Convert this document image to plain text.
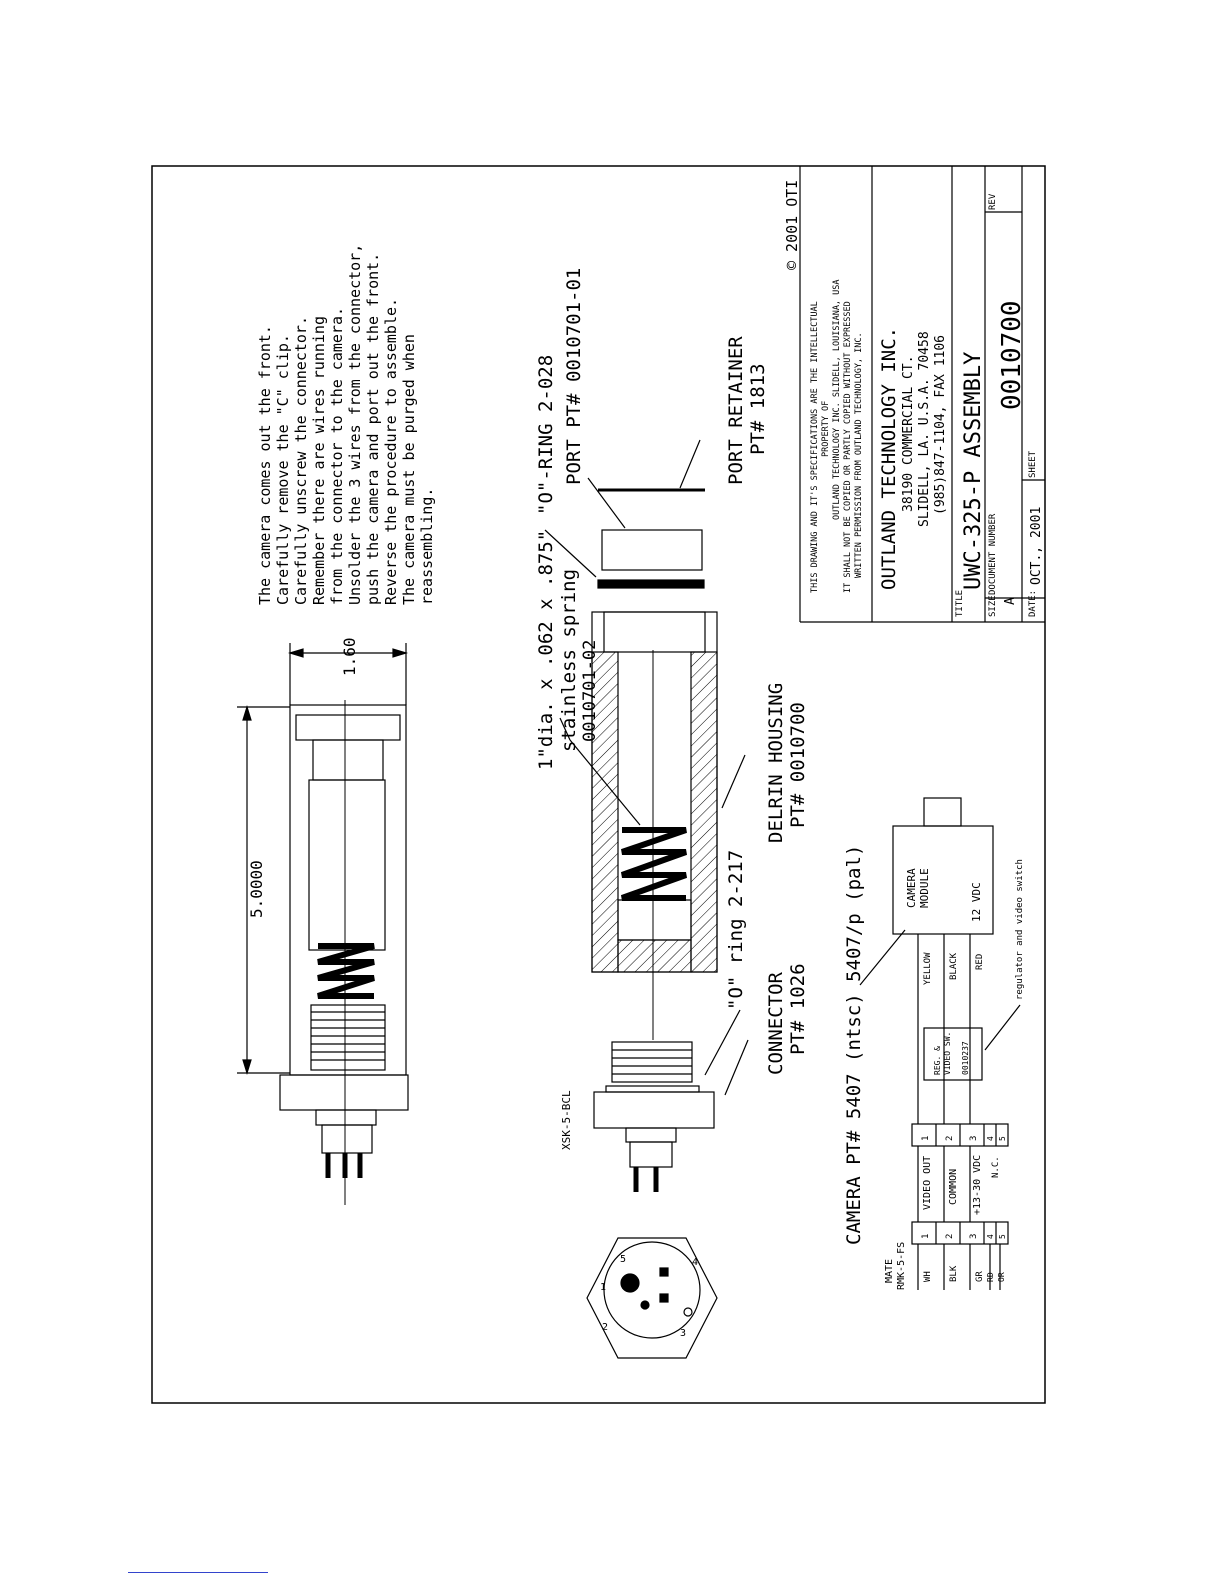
The camera comes out the front. Carefully remove the "C" clip. Carefully unscrew the connector. Remember there are wires running from the connector to the camera. Unsolder the 3 wires from the connector, push the camera and port out the front. Reverse the procedure to assemble. The camera must be purged when reassembling.
5.0000
1.60	1"dia. x .062 x .875" stainless spring 0010701-02
"O"-RING 2-028 PORT PT# 0010701-01	PORT RETAINER PT# 1813
DELRIN HOUSING PT# 0010700
"O" ring 2-217
CONNECTOR PT# 1026
XSK-5-BCL
5	4
1
2
3
CAMERA PT# 5407 (ntsc) 5407/p (pal)	CAMERA MODULE	12 VDC	regulator and video switch
REG. & VIDEO SW. 0010237
YELLOW BLACK RED
VIDEO OUT COMMON +13-30 VDC N.C.
1 2 3 4 5
1 2 3 4 5
MATE RMK-5-FS WH BLK GR RD OR
© 2001 OTI
THIS DRAWING AND IT'S SPECIFICATIONS ARE THE INTELLECTUAL PROPERTY OF OUTLAND TECHNOLOGY INC. SLIDELL, LOUISIANA, USA IT SHALL NOT BE COPIED OR PARTLY COPIED WITHOUT EXPRESSED WRITTEN PERMISSION FROM OUTLAND TECHNOLOGY, INC. OUTLAND TECHNOLOGY INC. 38190 COMMERCIAL CT. SLIDELL, LA. U.S.A. 70458 (985)847-1104, FAX 1106
TITLE
UWC-325-P ASSEMBLY
SIZE A
DOCUMENT NUMBER
0010700
REV
DATE:
OCT., 2001
SHEET
